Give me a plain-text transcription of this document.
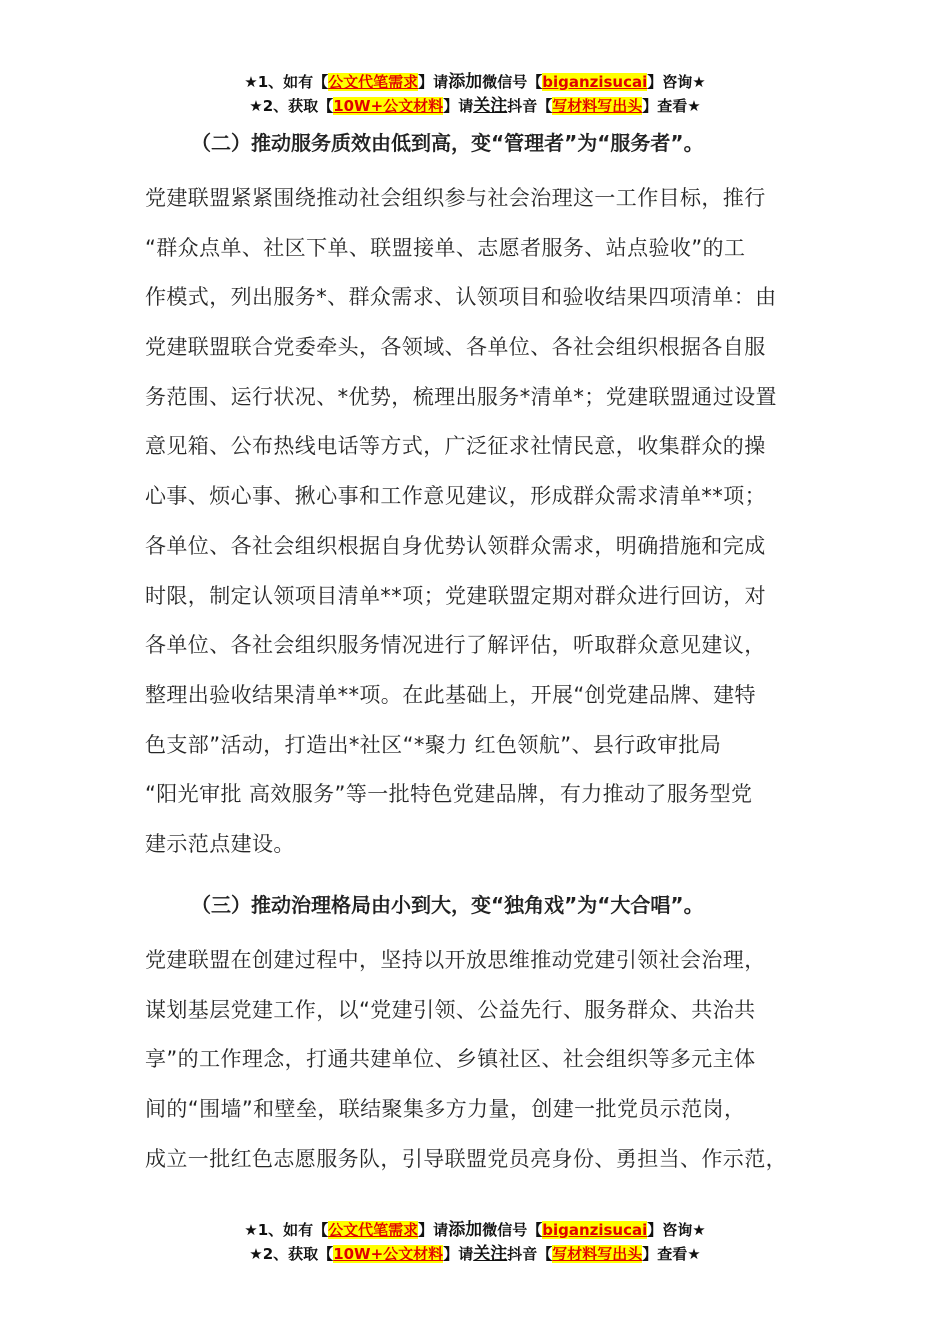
★1、如有【公文代笔需求】请添加微信号【biganzisucai】咨询★
★2、获取【10W+公文材料】请关注抖音【写材料写出头】查看★
（二）推动服务质效由低到高，变“管理者”为“服务者”。

党建联盟紧紧围绕推动社会组织参与社会治理这一工作目标，推行
“群众点单、社区下单、联盟接单、志愿者服务、站点验收”的工
作模式，列出服务*、群众需求、认领项目和验收结果四项清单：由
党建联盟联合党委牵头，各领域、各单位、各社会组织根据各自服
务范围、运行状况、*优势，梳理出服务*清单*；党建联盟通过设置
意见箱、公布热线电话等方式，广泛征求社情民意，收集群众的操
心事、烦心事、揪心事和工作意见建议，形成群众需求清单**项；
各单位、各社会组织根据自身优势认领群众需求，明确措施和完成
时限，制定认领项目清单**项；党建联盟定期对群众进行回访，对
各单位、各社会组织服务情况进行了解评估，听取群众意见建议，
整理出验收结果清单**项。在此基础上，开展“创党建品牌、建特
色支部”活动，打造出*社区“*聚力 红色领航”、县行政审批局
“阳光审批 高效服务”等一批特色党建品牌，有力推动了服务型党
建示范点建设。

（三）推动治理格局由小到大，变“独角戏”为“大合唱”。

党建联盟在创建过程中，坚持以开放思维推动党建引领社会治理，
谋划基层党建工作，以“党建引领、公益先行、服务群众、共治共
享”的工作理念，打通共建单位、乡镇社区、社会组织等多元主体
间的“围墙”和壁垒，联结聚集多方力量，创建一批党员示范岗，
成立一批红色志愿服务队，引导联盟党员亮身份、勇担当、作示范，

★1、如有【公文代笔需求】请添加微信号【biganzisucai】咨询★
★2、获取【10W+公文材料】请关注抖音【写材料写出头】查看★
